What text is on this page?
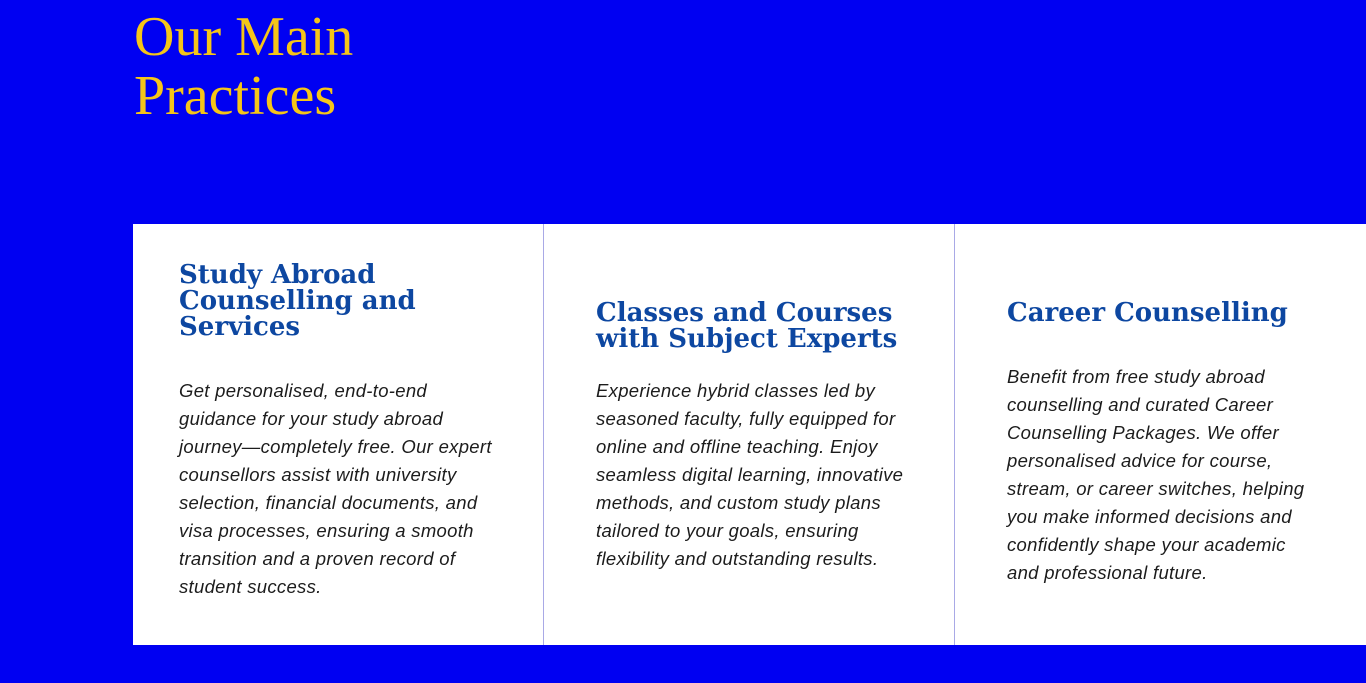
Our Main Practices
Study Abroad Counselling and Services

Get personalised, end-to-end guidance for your study abroad journey—completely free. Our expert counsellors assist with university selection, financial documents, and visa processes, ensuring a smooth transition and a proven record of student success.

Classes and Courses with Subject Experts

Experience hybrid classes led by seasoned faculty, fully equipped for online and offline teaching. Enjoy seamless digital learning, innovative methods, and custom study plans tailored to your goals, ensuring flexibility and outstanding results.

Career Counselling

Benefit from free study abroad counselling and curated Career Counselling Packages. We offer personalised advice for course, stream, or career switches, helping you make informed decisions and confidently shape your academic and professional future.
